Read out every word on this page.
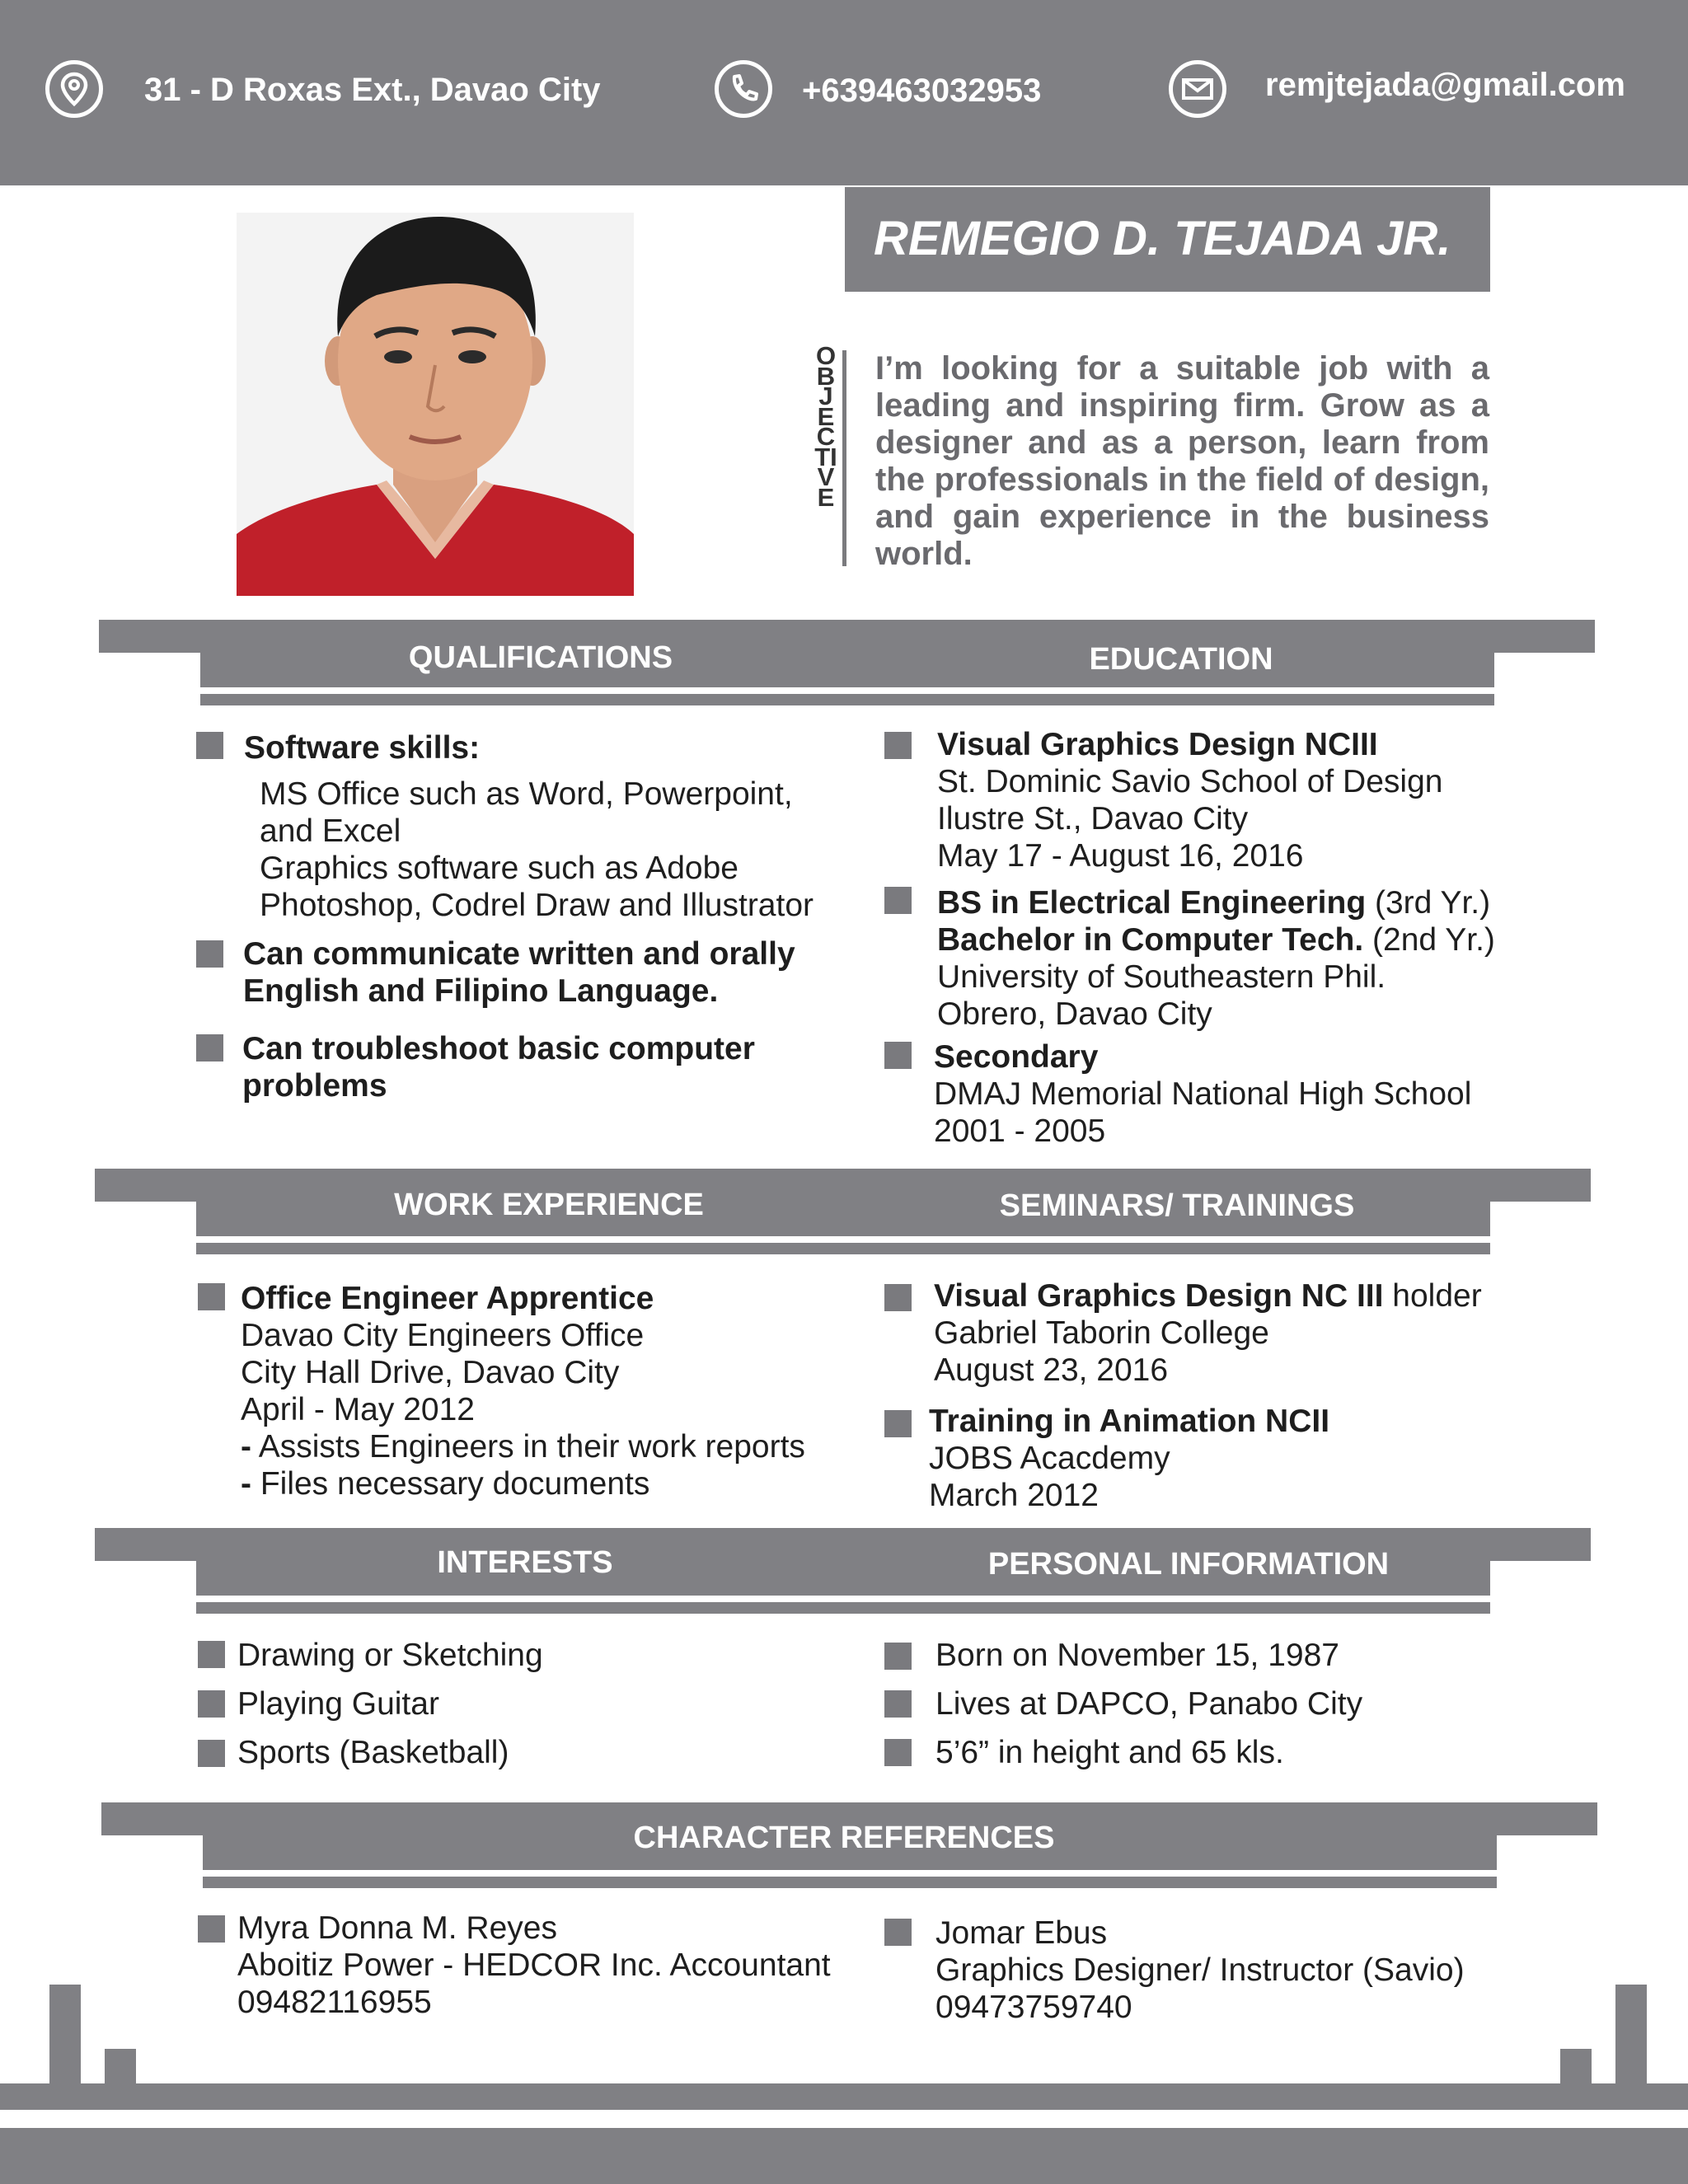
31 - D Roxas Ext., Davao City	+639463032953	remjtejada@gmail.com
REMEGIO D. TEJADA JR.
OBJECTIVE
I’m looking for a suitable job with a leading and inspiring firm. Grow as a designer and as a person, learn from the professionals in the field of design, and gain experience in the business world.
QUALIFICATIONS	EDUCATION
Software skills:
MS Office such as Word, Powerpoint,
and Excel
Graphics software such as Adobe
Photoshop, Codrel Draw and Illustrator
Can communicate written and orally
English and Filipino Language.
Can troubleshoot basic computer
problems
Visual Graphics Design NCIII
St. Dominic Savio School of Design
Ilustre St., Davao City
May 17 - August 16, 2016
BS in Electrical Engineering (3rd Yr.)
Bachelor in Computer Tech. (2nd Yr.)
University of Southeastern Phil.
Obrero, Davao City
Secondary
DMAJ Memorial National High School
2001 - 2005
WORK EXPERIENCE	SEMINARS/ TRAININGS
Office Engineer Apprentice
Davao City Engineers Office
City Hall Drive, Davao City
April - May 2012
- Assists Engineers in their work reports
- Files necessary documents
Visual Graphics Design NC III holder
Gabriel Taborin College
August 23, 2016
Training in Animation NCII
JOBS Acacdemy
March 2012
INTERESTS	PERSONAL INFORMATION
Drawing or Sketching
Playing Guitar
Sports (Basketball)
Born on November 15, 1987
Lives at DAPCO, Panabo City
5’6” in height and 65 kls.
CHARACTER REFERENCES
Myra Donna M. Reyes
Aboitiz Power - HEDCOR Inc. Accountant
09482116955
Jomar Ebus
Graphics Designer/ Instructor (Savio)
09473759740
